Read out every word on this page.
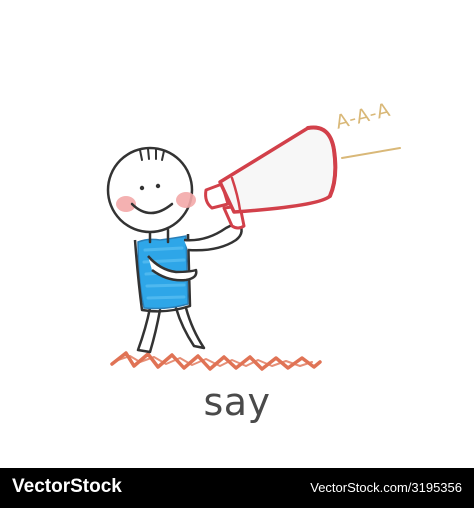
A-A-A
say
VectorStock	VectorStock.com/3195356
